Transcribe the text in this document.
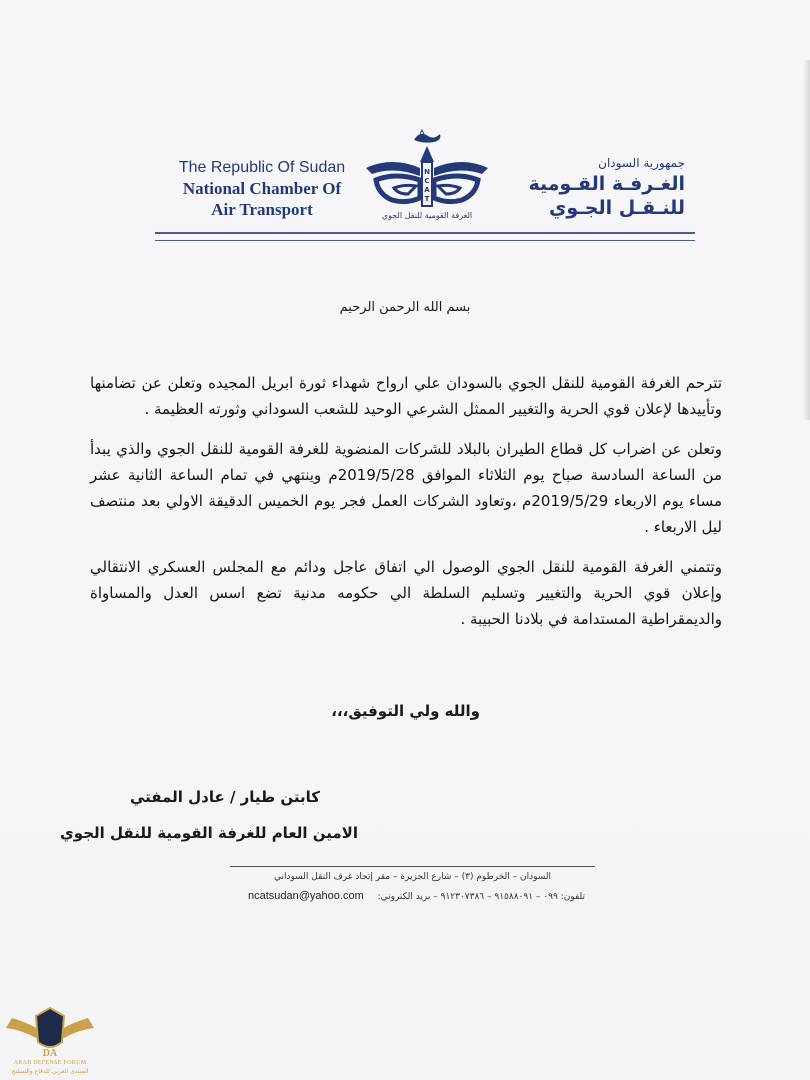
The Republic Of Sudan

National Chamber Of

Air Transport

N
C
A
T
الغرفة القومية للنقل الجوي

جمهورية السودان

الغـرفـة القـومية

للنـقـل الجـوي

بسم الله الرحمن الرحيم

تترحم الغرفة القومية للنقل الجوي بالسودان علي ارواح شهداء ثورة ابريل المجيده وتعلن عن تضامنها وتأييدها لإعلان قوي الحرية والتغيير الممثل الشرعي الوحيد للشعب السوداني وثورته العظيمة .

وتعلن عن اضراب كل قطاع الطيران بالبلاد للشركات المنضوية للغرفة القومية للنقل الجوي والذي يبدأ من الساعة السادسة صباح يوم الثلاثاء الموافق 2019/5/28م وينتهي في تمام الساعة الثانية عشر مساء يوم الاربعاء 2019/5/29م ،وتعاود الشركات العمل فجر يوم الخميس الدقيقة الاولي بعد منتصف ليل الاربعاء .

وتتمني الغرفة القومية للنقل الجوي الوصول الي اتفاق عاجل ودائم مع المجلس العسكري الانتقالي وإعلان قوي الحرية والتغيير وتسليم السلطة الي حكومه مدنية تضع اسس العدل والمساواة والديمقراطية المستدامة في بلادنا الحبيبة .

والله ولي التوفيق،،،
كابتن طيار / عادل المفتي
الامين العام للغرفة القومية للنقل الجوي
السودان – الخرطوم (٣) – شارع الجزيرة – مقر إتحاد غرف النقل السوداني
تلفون: ٠٩٩ – ٩١٥٨٨٠٩١ – ٩١٢٣٠٧٣٨٦ – بريد الكتروني:
ncatsudan@yahoo.com
DA
ARAB DEFENSE FORUM
المنتدى العربي للدفاع والتسليح
